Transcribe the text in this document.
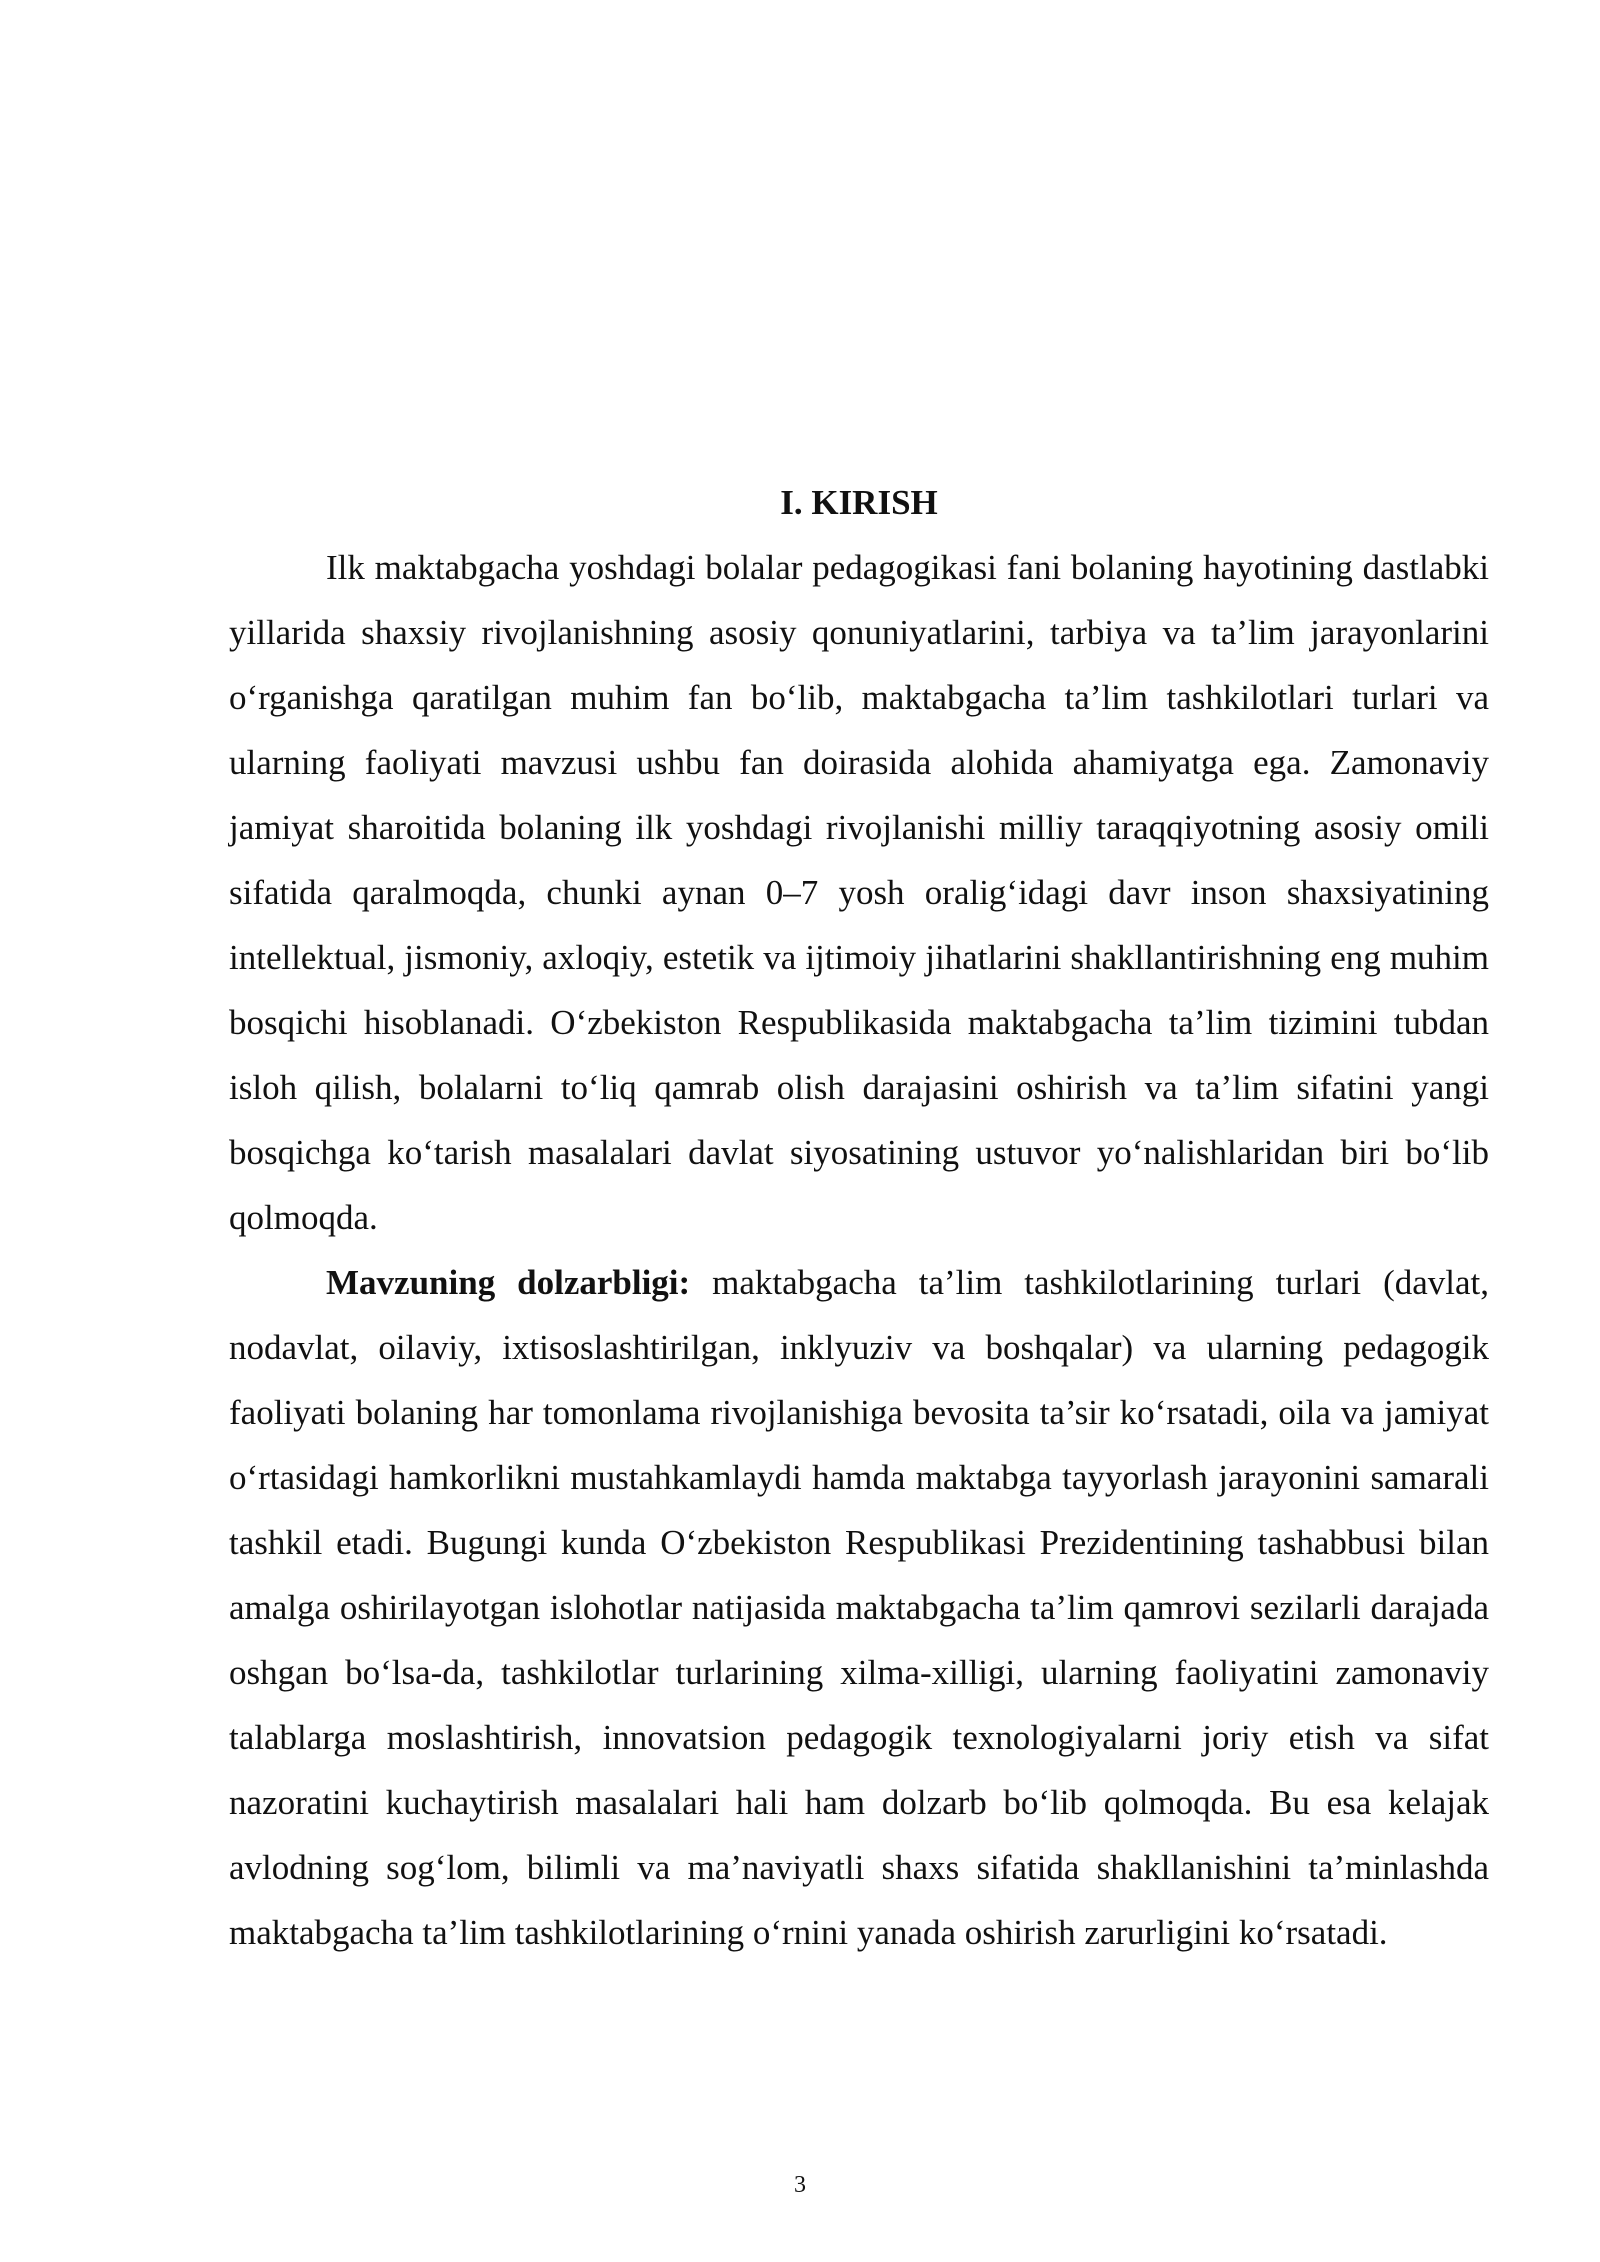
I. KIRISH

Ilk maktabgacha yoshdagi bolalar pedagogikasi fani bolaning hayotining dastlabki yillarida shaxsiy rivojlanishning asosiy qonuniyatlarini, tarbiya va ta’lim jarayonlarini o‘rganishga qaratilgan muhim fan bo‘lib, maktabgacha ta’lim tashkilotlari turlari va ularning faoliyati mavzusi ushbu fan doirasida alohida ahamiyatga ega. Zamonaviy jamiyat sharoitida bolaning ilk yoshdagi rivojlanishi milliy taraqqiyotning asosiy omili sifatida qaralmoqda, chunki aynan 0–7 yosh oralig‘idagi davr inson shaxsiyatining intellektual, jismoniy, axloqiy, estetik va ijtimoiy jihatlarini shakllantirishning eng muhim bosqichi hisoblanadi. O‘zbekiston Respublikasida maktabgacha ta’lim tizimini tubdan isloh qilish, bolalarni to‘liq qamrab olish darajasini oshirish va ta’lim sifatini yangi bosqichga ko‘tarish masalalari davlat siyosatining ustuvor yo‘nalishlaridan biri bo‘lib qolmoqda.

Mavzuning dolzarbligi: maktabgacha ta’lim tashkilotlarining turlari (davlat, nodavlat, oilaviy, ixtisoslashtirilgan, inklyuziv va boshqalar) va ularning pedagogik faoliyati bolaning har tomonlama rivojlanishiga bevosita ta’sir ko‘rsatadi, oila va jamiyat o‘rtasidagi hamkorlikni mustahkamlaydi hamda maktabga tayyorlash jarayonini samarali tashkil etadi. Bugungi kunda O‘zbekiston Respublikasi Prezidentining tashabbusi bilan amalga oshirilayotgan islohotlar natijasida maktabgacha ta’lim qamrovi sezilarli darajada oshgan bo‘lsa-da, tashkilotlar turlarining xilma-xilligi, ularning faoliyatini zamonaviy talablarga moslashtirish, innovatsion pedagogik texnologiyalarni joriy etish va sifat nazoratini kuchaytirish masalalari hali ham dolzarb bo‘lib qolmoqda. Bu esa kelajak avlodning sog‘lom, bilimli va ma’naviyatli shaxs sifatida shakllanishini ta’minlashda maktabgacha ta’lim tashkilotlarining o‘rnini yanada oshirish zarurligini ko‘rsatadi.

3
